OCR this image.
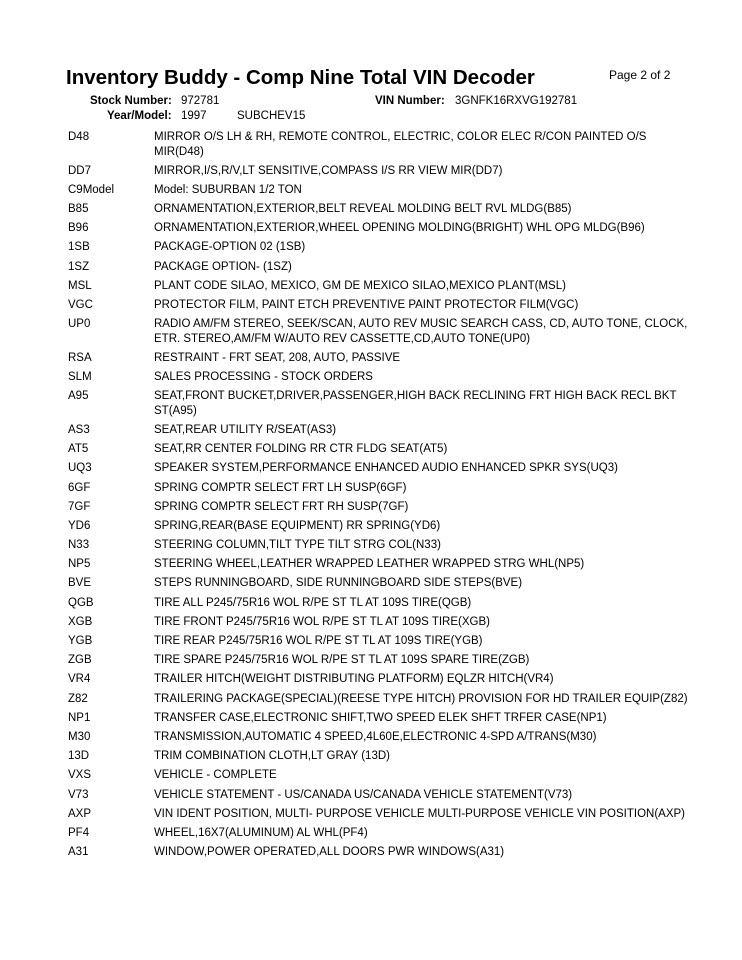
Inventory Buddy - Comp Nine Total VIN Decoder	Page 2 of 2
Stock Number: 972781	VIN Number: 3GNFK16RXVG192781
Year/Model: 1997	SUBCHEV15
D48	MIRROR O/S LH & RH, REMOTE CONTROL, ELECTRIC, COLOR ELEC R/CON PAINTED O/S MIR(D48)
DD7	MIRROR,I/S,R/V,LT SENSITIVE,COMPASS I/S RR VIEW MIR(DD7)
C9Model	Model: SUBURBAN 1/2 TON
B85	ORNAMENTATION,EXTERIOR,BELT REVEAL MOLDING BELT RVL MLDG(B85)
B96	ORNAMENTATION,EXTERIOR,WHEEL OPENING MOLDING(BRIGHT) WHL OPG MLDG(B96)
1SB	PACKAGE-OPTION 02 (1SB)
1SZ	PACKAGE OPTION- (1SZ)
MSL	PLANT CODE SILAO, MEXICO, GM DE MEXICO SILAO,MEXICO PLANT(MSL)
VGC	PROTECTOR FILM, PAINT ETCH PREVENTIVE PAINT PROTECTOR FILM(VGC)
UP0	RADIO AM/FM STEREO, SEEK/SCAN, AUTO REV MUSIC SEARCH CASS, CD, AUTO TONE, CLOCK, ETR. STEREO,AM/FM W/AUTO REV CASSETTE,CD,AUTO TONE(UP0)
RSA	RESTRAINT - FRT SEAT, 208, AUTO, PASSIVE
SLM	SALES PROCESSING - STOCK ORDERS
A95	SEAT,FRONT BUCKET,DRIVER,PASSENGER,HIGH BACK RECLINING FRT HIGH BACK RECL BKT ST(A95)
AS3	SEAT,REAR UTILITY R/SEAT(AS3)
AT5	SEAT,RR CENTER FOLDING RR CTR FLDG SEAT(AT5)
UQ3	SPEAKER SYSTEM,PERFORMANCE ENHANCED AUDIO ENHANCED SPKR SYS(UQ3)
6GF	SPRING COMPTR SELECT FRT LH SUSP(6GF)
7GF	SPRING COMPTR SELECT FRT RH SUSP(7GF)
YD6	SPRING,REAR(BASE EQUIPMENT) RR SPRING(YD6)
N33	STEERING COLUMN,TILT TYPE TILT STRG COL(N33)
NP5	STEERING WHEEL,LEATHER WRAPPED LEATHER WRAPPED STRG WHL(NP5)
BVE	STEPS RUNNINGBOARD, SIDE RUNNINGBOARD SIDE STEPS(BVE)
QGB	TIRE ALL P245/75R16 WOL R/PE ST TL AT 109S TIRE(QGB)
XGB	TIRE FRONT P245/75R16 WOL R/PE ST TL AT 109S TIRE(XGB)
YGB	TIRE REAR P245/75R16 WOL R/PE ST TL AT 109S TIRE(YGB)
ZGB	TIRE SPARE P245/75R16 WOL R/PE ST TL AT 109S SPARE TIRE(ZGB)
VR4	TRAILER HITCH(WEIGHT DISTRIBUTING PLATFORM) EQLZR HITCH(VR4)
Z82	TRAILERING PACKAGE(SPECIAL)(REESE TYPE HITCH) PROVISION FOR HD TRAILER EQUIP(Z82)
NP1	TRANSFER CASE,ELECTRONIC SHIFT,TWO SPEED ELEK SHFT TRFER CASE(NP1)
M30	TRANSMISSION,AUTOMATIC 4 SPEED,4L60E,ELECTRONIC 4-SPD A/TRANS(M30)
13D	TRIM COMBINATION CLOTH,LT GRAY (13D)
VXS	VEHICLE - COMPLETE
V73	VEHICLE STATEMENT - US/CANADA US/CANADA VEHICLE STATEMENT(V73)
AXP	VIN IDENT POSITION, MULTI- PURPOSE VEHICLE MULTI-PURPOSE VEHICLE VIN POSITION(AXP)
PF4	WHEEL,16X7(ALUMINUM) AL WHL(PF4)
A31	WINDOW,POWER OPERATED,ALL DOORS PWR WINDOWS(A31)
